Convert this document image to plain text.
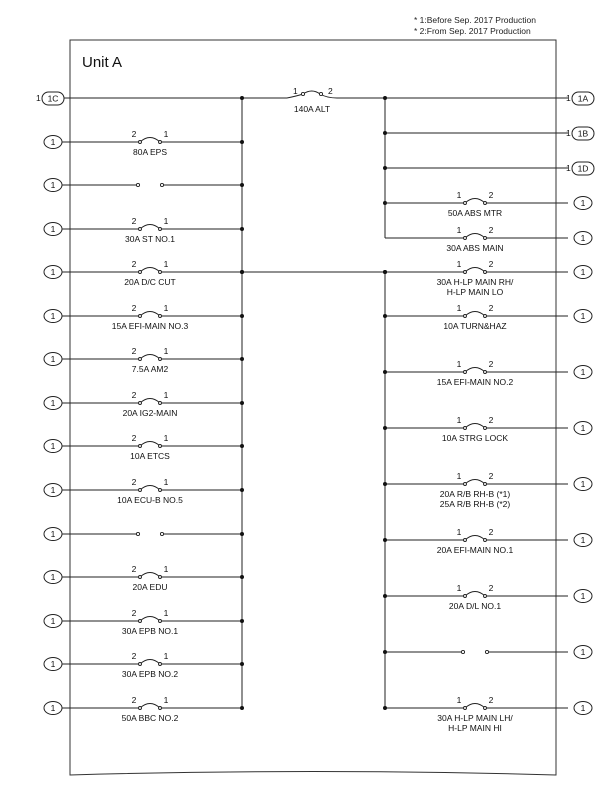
* 1:Before Sep. 2017 Production
* 2:From Sep. 2017 Production
Unit A
1	2
140A ALT
1 1C	1 1A
1 1B
1 1D
1
2	1
80A EPS
1
1
2	1
30A ST NO.1
1
2	1
20A D/C CUT
1
2	1
15A EFI-MAIN NO.3
1
2	1
7.5A AM2
1
2	1
20A IG2-MAIN
1
2	1
10A ETCS
1
2	1
10A ECU-B NO.5
1
1
2	1
20A EDU
1
2	1
30A EPB NO.1
1
2	1
30A EPB NO.2
1
2	1
50A BBC NO.2
1	2
50A ABS MTR
1
1	2
30A ABS MAIN
1
1	2
30A H-LP MAIN RH/
H-LP MAIN LO
1
1	2
10A TURN&HAZ
1
1	2
15A EFI-MAIN NO.2
1
1	2
10A STRG LOCK
1
1	2
20A R/B RH-B (*1)
25A R/B RH-B (*2)
1
1	2
20A EFI-MAIN NO.1
1
1	2
20A D/L NO.1
1
1
1	2
30A H-LP MAIN LH/
H-LP MAIN HI
1
